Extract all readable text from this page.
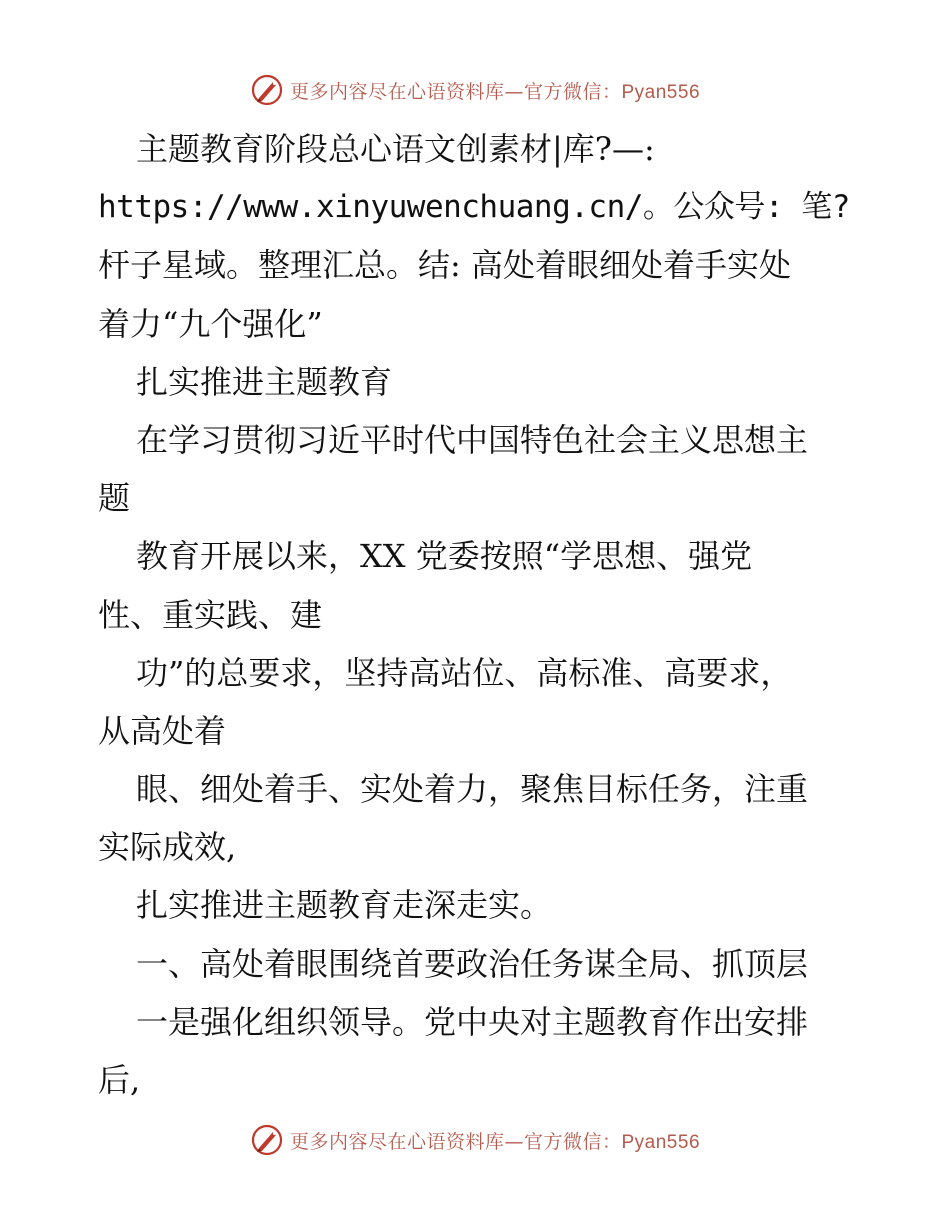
更多内容尽在心语资料库—官方微信：Pyan556
主题教育阶段总心语文创素材|库?—:
https://www.xinyuwenchuang.cn/。公众号: 笔?
杆子星域。整理汇总。结: 高处着眼细处着手实处
着力“九个强化”
扎实推进主题教育
在学习贯彻习近平时代中国特色社会主义思想主
题
教育开展以来，XX 党委按照“学思想、强党
性、重实践、建
功”的总要求，坚持高站位、高标准、高要求，
从高处着
眼、细处着手、实处着力，聚焦目标任务，注重
实际成效,
扎实推进主题教育走深走实。
一、高处着眼围绕首要政治任务谋全局、抓顶层
一是强化组织领导。党中央对主题教育作出安排
后,
更多内容尽在心语资料库—官方微信：Pyan556
